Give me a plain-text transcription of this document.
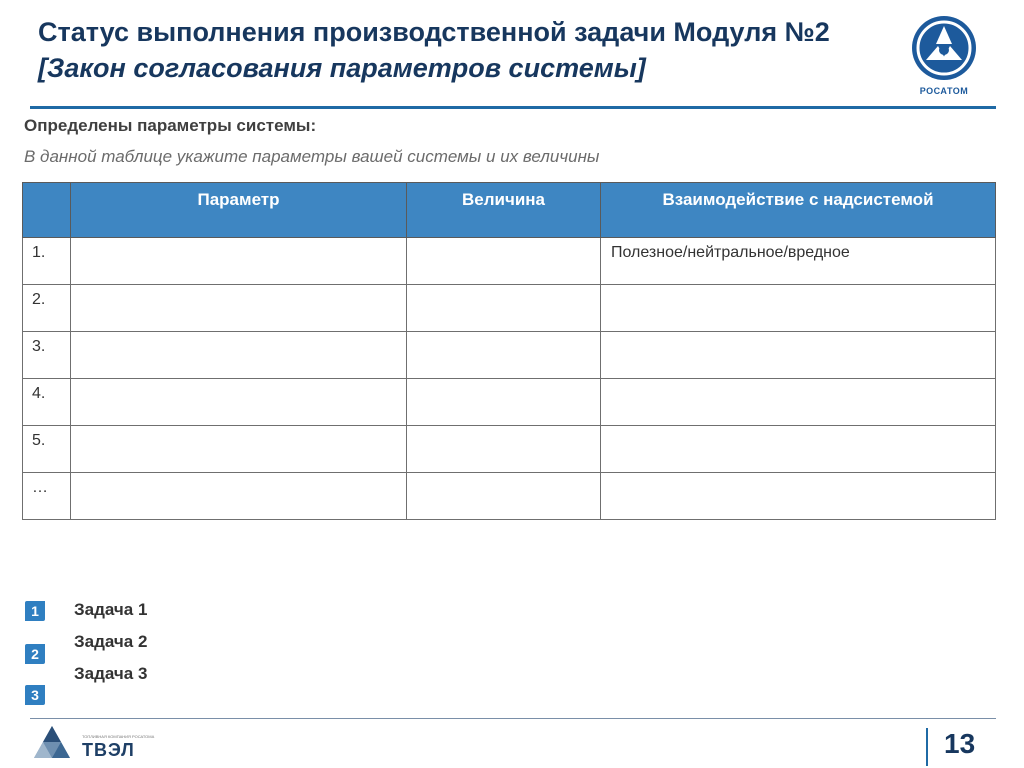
Статус выполнения производственной задачи Модуля №2
[Закон согласования параметров системы]
РОСАТОМ
Определены параметры системы:
В данной таблице укажите параметры вашей системы и их величины
	Параметр	Величина	Взаимодействие с надсистемой
1.			Полезное/нейтральное/вредное
2.			
3.			
4.			
5.			
…			
1 Задача 1
2
Задача 2
3
Задача 3
ТОПЛИВНАЯ КОМПАНИЯ РОСАТОМА
ТВЭЛ	13
